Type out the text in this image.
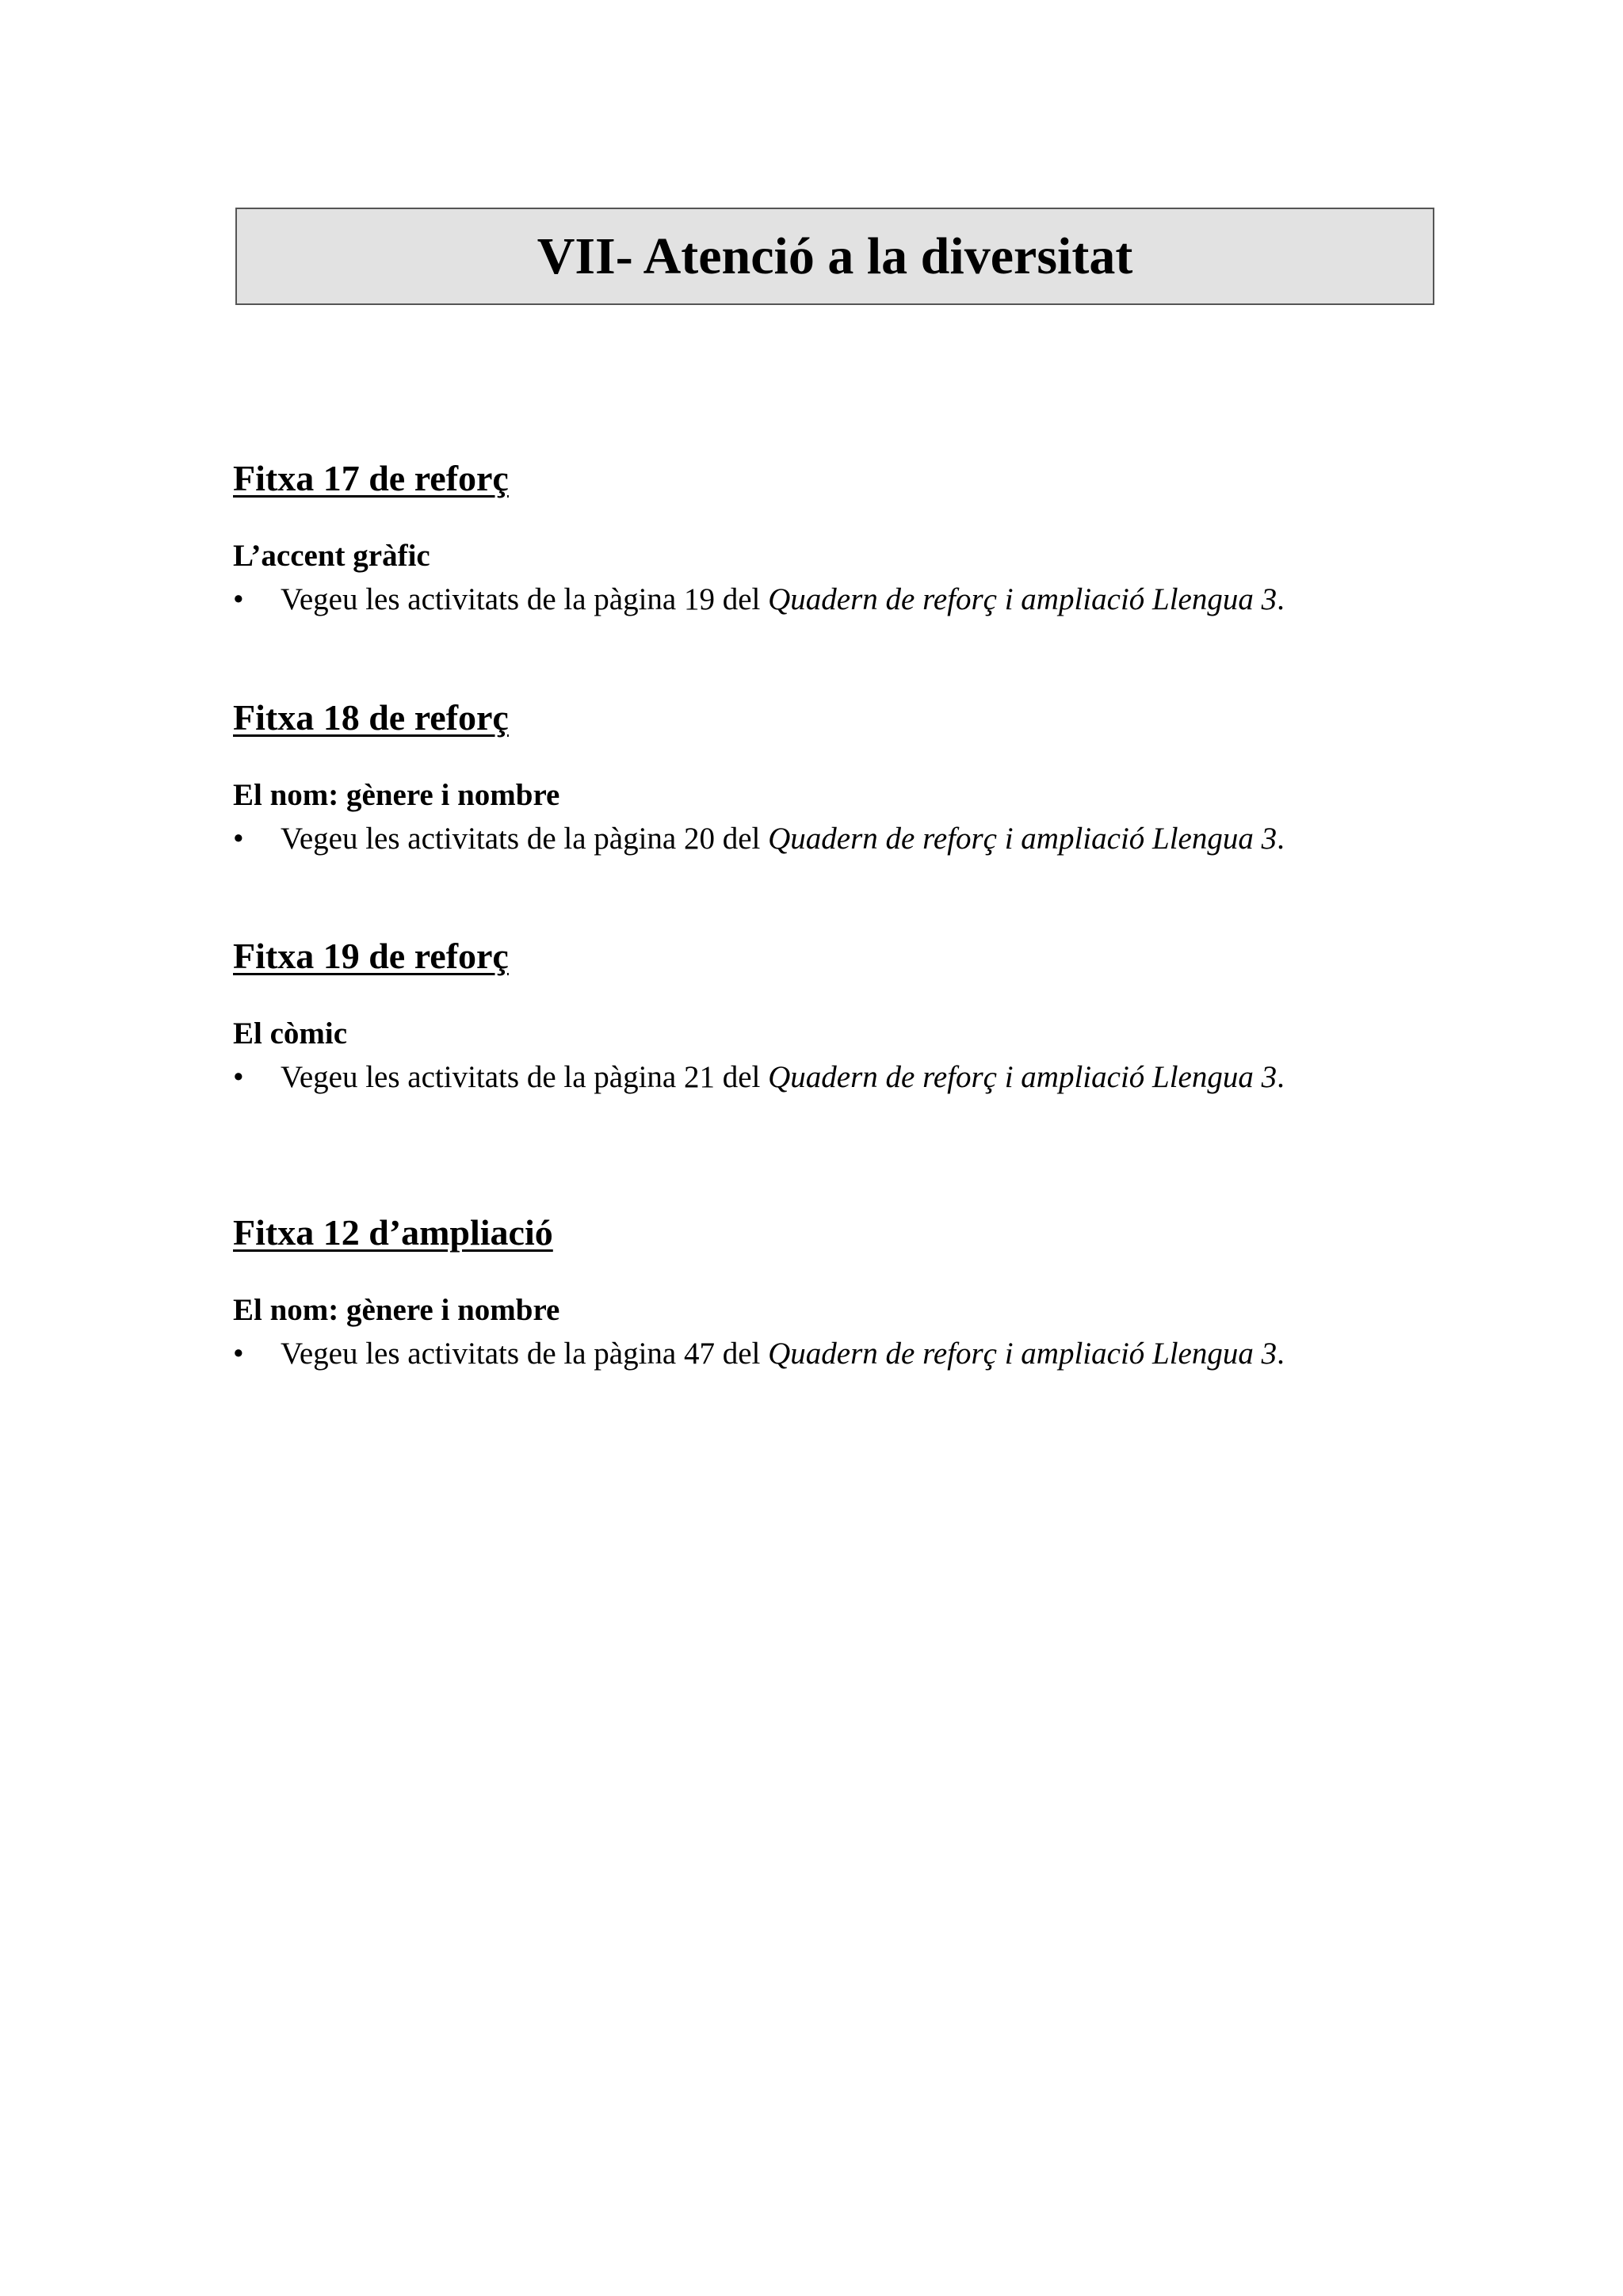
VII- Atenció a la diversitat
Fitxa 17 de reforç
L’accent gràfic
• Vegeu les activitats de la pàgina 19 del Quadern de reforç i ampliació Llengua 3.
Fitxa 18 de reforç
El nom: gènere i nombre
• Vegeu les activitats de la pàgina 20 del Quadern de reforç i ampliació Llengua 3.
Fitxa 19 de reforç
El còmic
• Vegeu les activitats de la pàgina 21 del Quadern de reforç i ampliació Llengua 3.
Fitxa 12 d’ampliació
El nom: gènere i nombre
• Vegeu les activitats de la pàgina 47 del Quadern de reforç i ampliació Llengua 3.
